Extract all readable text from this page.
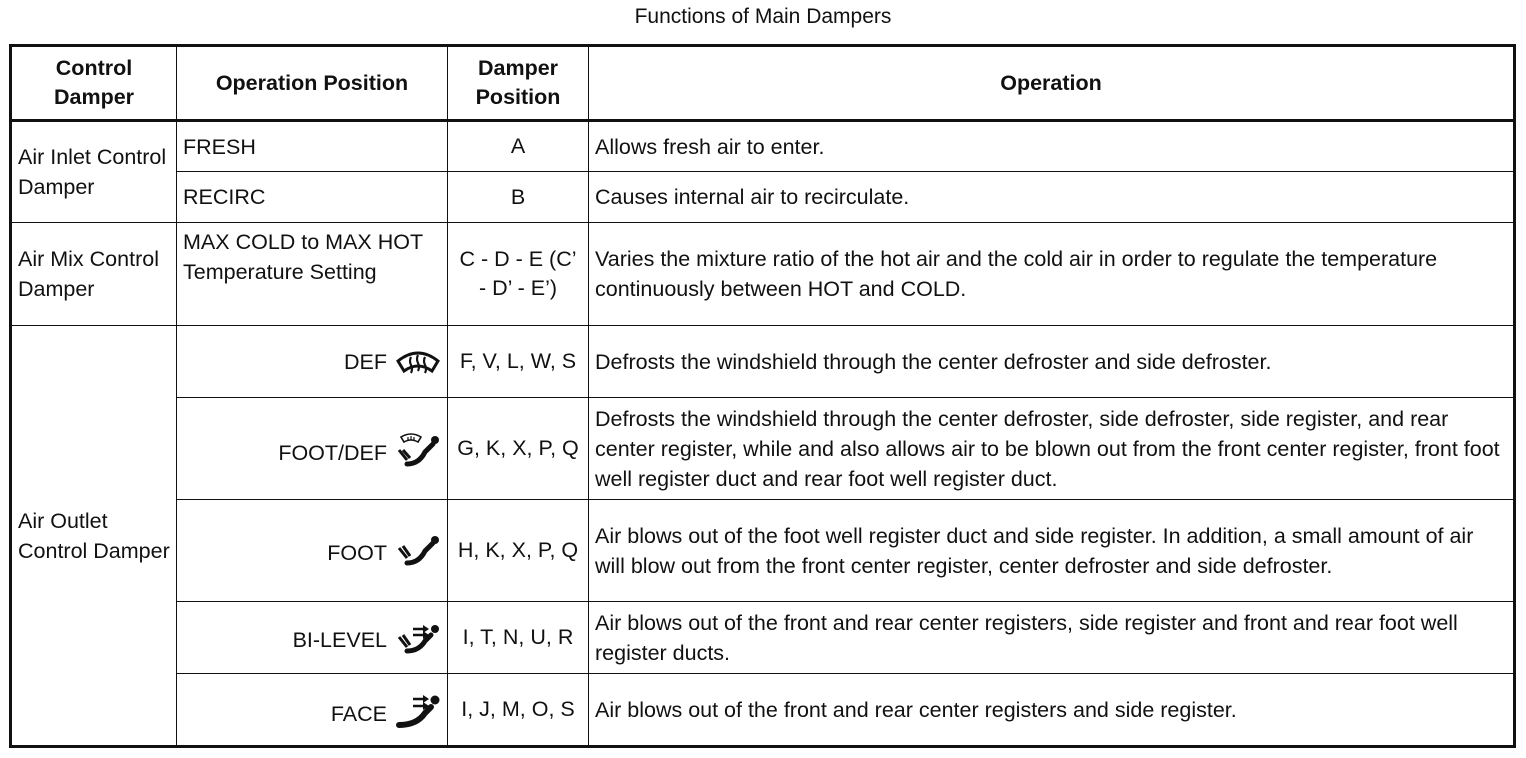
Functions of Main Dampers
Control Damper	Operation Position	Damper Position	Operation
Air Inlet Control Damper	FRESH	A	Allows fresh air to enter.
	RECIRC	B	Causes internal air to recirculate.
Air Mix Control Damper	MAX COLD to MAX HOT Temperature Setting	C - D - E (C’ - D’ - E’)	Varies the mixture ratio of the hot air and the cold air in order to regulate the temperature continuously between HOT and COLD.
Air Outlet Control Damper	DEF	F, V, L, W, S	Defrosts the windshield through the center defroster and side defroster.
	FOOT/DEF	G, K, X, P, Q	Defrosts the windshield through the center defroster, side defroster, side register, and rear center register, while and also allows air to be blown out from the front center register, front foot well register duct and rear foot well register duct.
	FOOT	H, K, X, P, Q	Air blows out of the foot well register duct and side register. In addition, a small amount of air will blow out from the front center register, center defroster and side defroster.
	BI-LEVEL	I, T, N, U, R	Air blows out of the front and rear center registers, side register and front and rear foot well register ducts.
	FACE	I, J, M, O, S	Air blows out of the front and rear center registers and side register.
